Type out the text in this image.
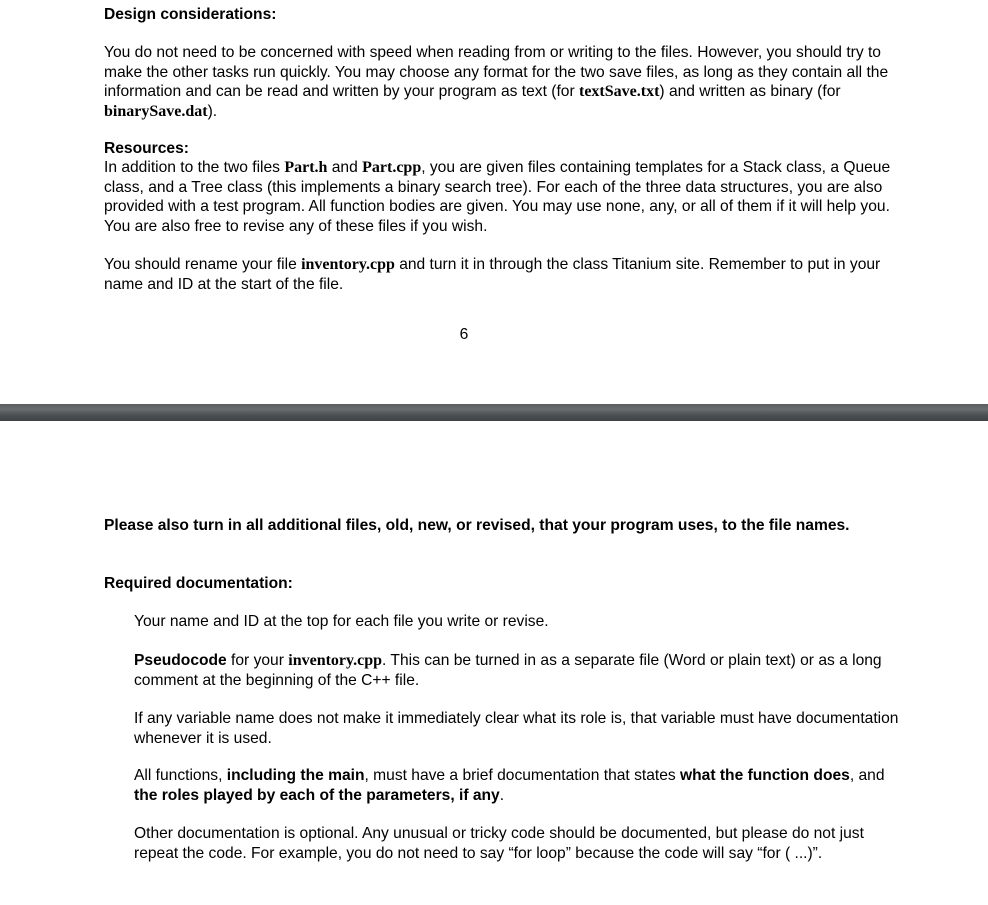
Design considerations:

You do not need to be concerned with speed when reading from or writing to the files. However, you should try to make the other tasks run quickly. You may choose any format for the two save files, as long as they contain all the information and can be read and written by your program as text (for textSave.txt) and written as binary (for binarySave.dat).

Resources:

In addition to the two files Part.h and Part.cpp, you are given files containing templates for a Stack class, a Queue class, and a Tree class (this implements a binary search tree). For each of the three data structures, you are also provided with a test program. All function bodies are given. You may use none, any, or all of them if it will help you. You are also free to revise any of these files if you wish.

You should rename your file inventory.cpp and turn it in through the class Titanium site. Remember to put in your name and ID at the start of the file.

6

Please also turn in all additional files, old, new, or revised, that your program uses, to the file names.

Required documentation:

Your name and ID at the top for each file you write or revise.

Pseudocode for your inventory.cpp. This can be turned in as a separate file (Word or plain text) or as a long comment at the beginning of the C++ file.

If any variable name does not make it immediately clear what its role is, that variable must have documentation whenever it is used.

All functions, including the main, must have a brief documentation that states what the function does, and the roles played by each of the parameters, if any.

Other documentation is optional. Any unusual or tricky code should be documented, but please do not just repeat the code. For example, you do not need to say “for loop” because the code will say “for ( ...)”.
